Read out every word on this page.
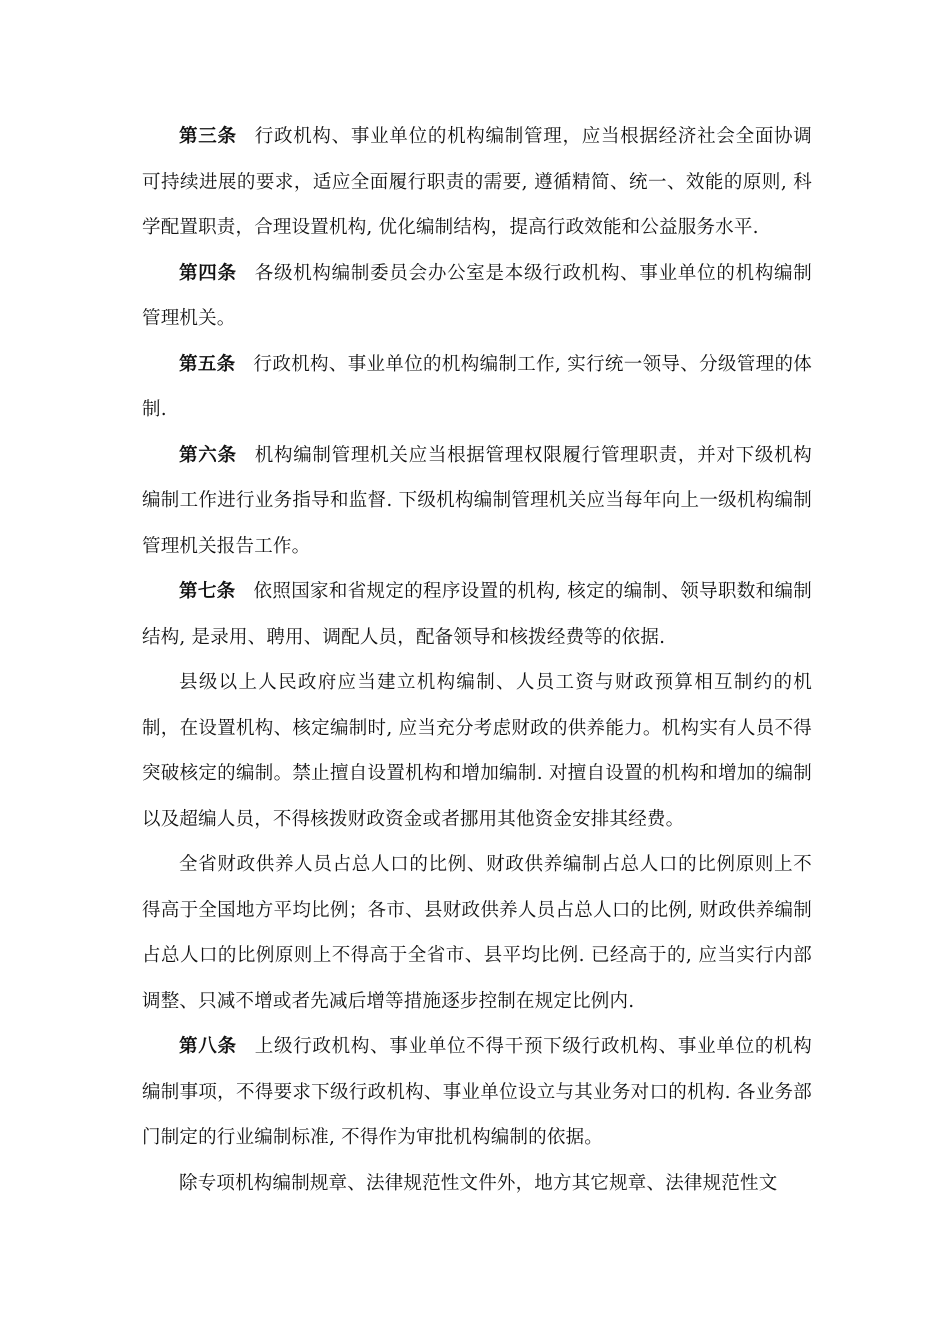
第三条 行政机构、事业单位的机构编制管理，应当根据经济社会全面协调可持续进展的要求，适应全面履行职责的需要, 遵循精简、统一、效能的原则, 科学配置职责，合理设置机构, 优化编制结构，提高行政效能和公益服务水平.

第四条 各级机构编制委员会办公室是本级行政机构、事业单位的机构编制管理机关。

第五条 行政机构、事业单位的机构编制工作, 实行统一领导、分级管理的体制.

第六条 机构编制管理机关应当根据管理权限履行管理职责，并对下级机构编制工作进行业务指导和监督. 下级机构编制管理机关应当每年向上一级机构编制管理机关报告工作。

第七条 依照国家和省规定的程序设置的机构, 核定的编制、领导职数和编制结构, 是录用、聘用、调配人员，配备领导和核拨经费等的依据.

县级以上人民政府应当建立机构编制、人员工资与财政预算相互制约的机制，在设置机构、核定编制时, 应当充分考虑财政的供养能力。机构实有人员不得突破核定的编制。禁止擅自设置机构和增加编制. 对擅自设置的机构和增加的编制以及超编人员，不得核拨财政资金或者挪用其他资金安排其经费。

全省财政供养人员占总人口的比例、财政供养编制占总人口的比例原则上不得高于全国地方平均比例；各市、县财政供养人员占总人口的比例, 财政供养编制占总人口的比例原则上不得高于全省市、县平均比例. 已经高于的, 应当实行内部调整、只减不增或者先减后增等措施逐步控制在规定比例内.

第八条 上级行政机构、事业单位不得干预下级行政机构、事业单位的机构编制事项，不得要求下级行政机构、事业单位设立与其业务对口的机构. 各业务部门制定的行业编制标准, 不得作为审批机构编制的依据。

除专项机构编制规章、法律规范性文件外，地方其它规章、法律规范性文
